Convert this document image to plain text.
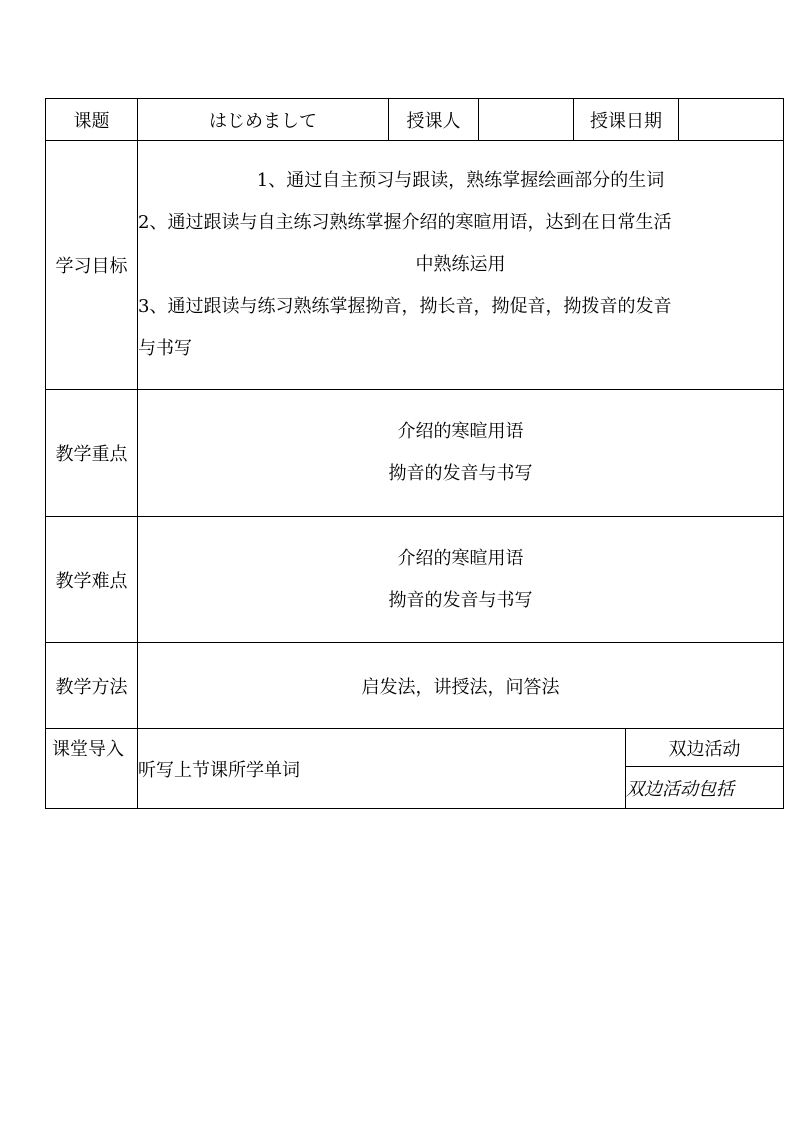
课题	はじめまして	授课人		授课日期		
学习目标	1、通过自主预习与跟读，熟练掌握绘画部分的生词
2、通过跟读与自主练习熟练掌握介绍的寒暄用语，达到在日常生活
中熟练运用
3、通过跟读与练习熟练掌握拗音，拗长音，拗促音，拗拨音的发音
与书写					

教学重点	介绍的寒暄用语
拗音的发音与书写					

教学难点	介绍的寒暄用语
拗音的发音与书写					

教学方法	启发法，讲授法，问答法					
课堂导入	听写上节课所学单词				双边活动	
					双边活动包括	
